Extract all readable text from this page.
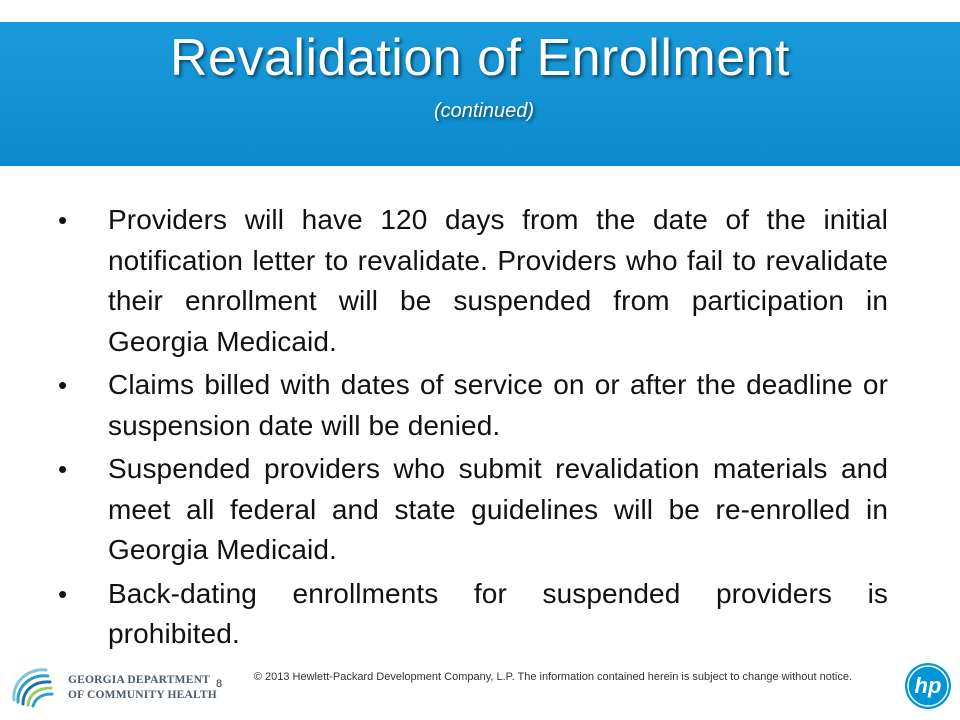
Revalidation of Enrollment
(continued)
• Providers will have 120 days from the date of the initial notification letter to revalidate. Providers who fail to revalidate their enrollment will be suspended from participation in Georgia Medicaid.
• Claims billed with dates of service on or after the deadline or suspension date will be denied.
• Suspended providers who submit revalidation materials and meet all federal and state guidelines will be re-enrolled in Georgia Medicaid.
• Back-dating enrollments for suspended providers is prohibited.
GEORGIA DEPARTMENT
OF COMMUNITY HEALTH
8
© 2013 Hewlett-Packard Development Company, L.P. The information contained herein is subject to change without notice.	hp
